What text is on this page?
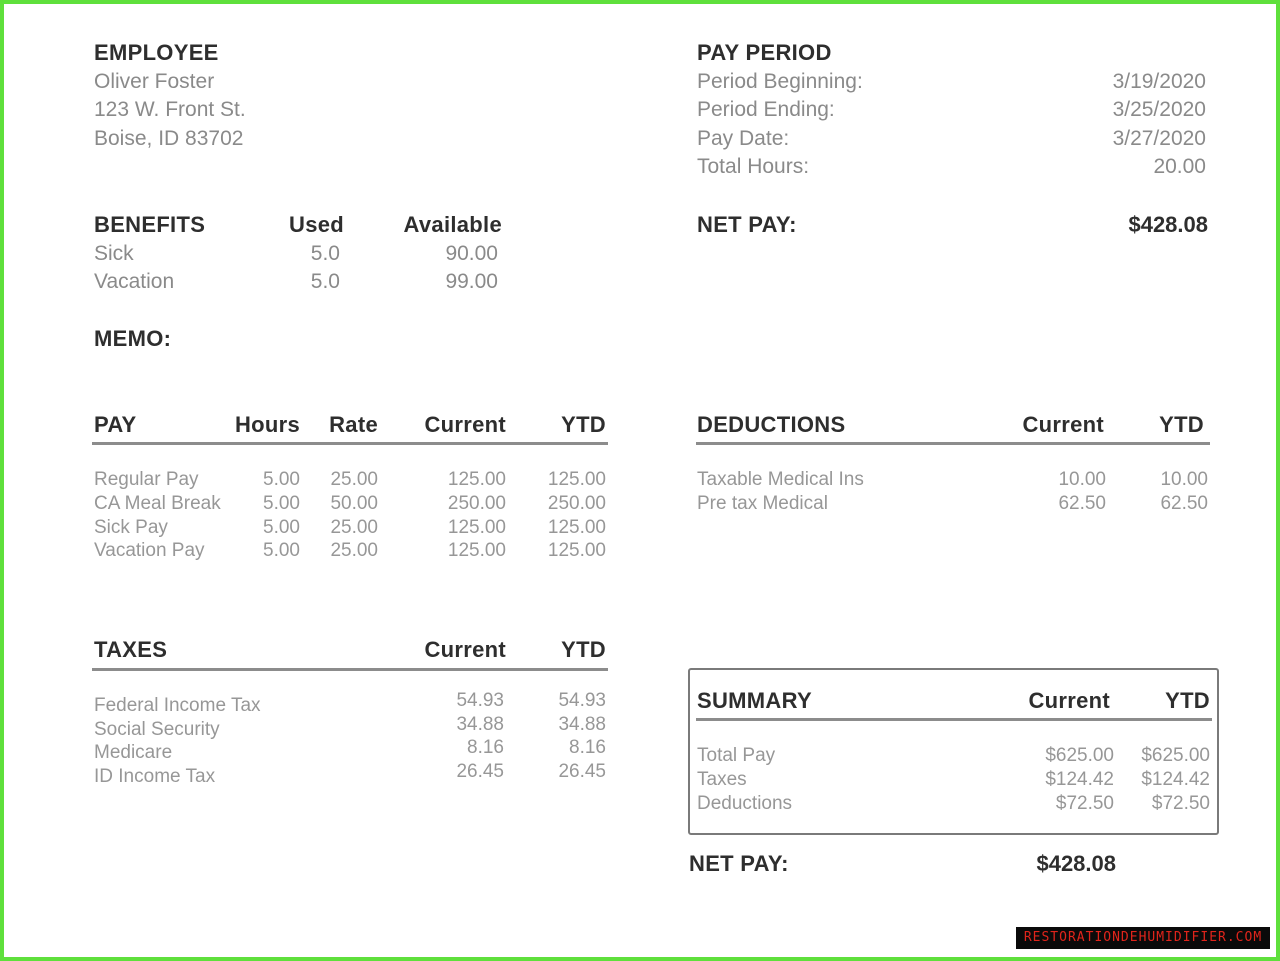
EMPLOYEE
Oliver Foster
123 W. Front St.
Boise, ID 83702
PAY PERIOD
Period Beginning:	3/19/2020
Period Ending:	3/25/2020
Pay Date:	3/27/2020
Total Hours:	20.00
NET PAY:	$428.08
BENEFITS	Used	Available
Sick	5.0	90.00
Vacation	5.0	99.00
MEMO:
PAY	Hours	Rate	Current	YTD
Regular Pay	5.00	25.00	125.00	125.00
CA Meal Break	5.00	50.00	250.00	250.00
Sick Pay	5.00	25.00	125.00	125.00
Vacation Pay	5.00	25.00	125.00	125.00
DEDUCTIONS	Current	YTD
Taxable Medical Ins	10.00	10.00
Pre tax Medical	62.50	62.50
TAXES	Current	YTD
Federal Income Tax	54.93	54.93
Social Security	34.88	34.88
Medicare	8.16	8.16
ID Income Tax	26.45	26.45
SUMMARY	Current	YTD
Total Pay	$625.00	$625.00
Taxes	$124.42	$124.42
Deductions	$72.50	$72.50
NET PAY:	$428.08
RESTORATIONDEHUMIDIFIER.COM
